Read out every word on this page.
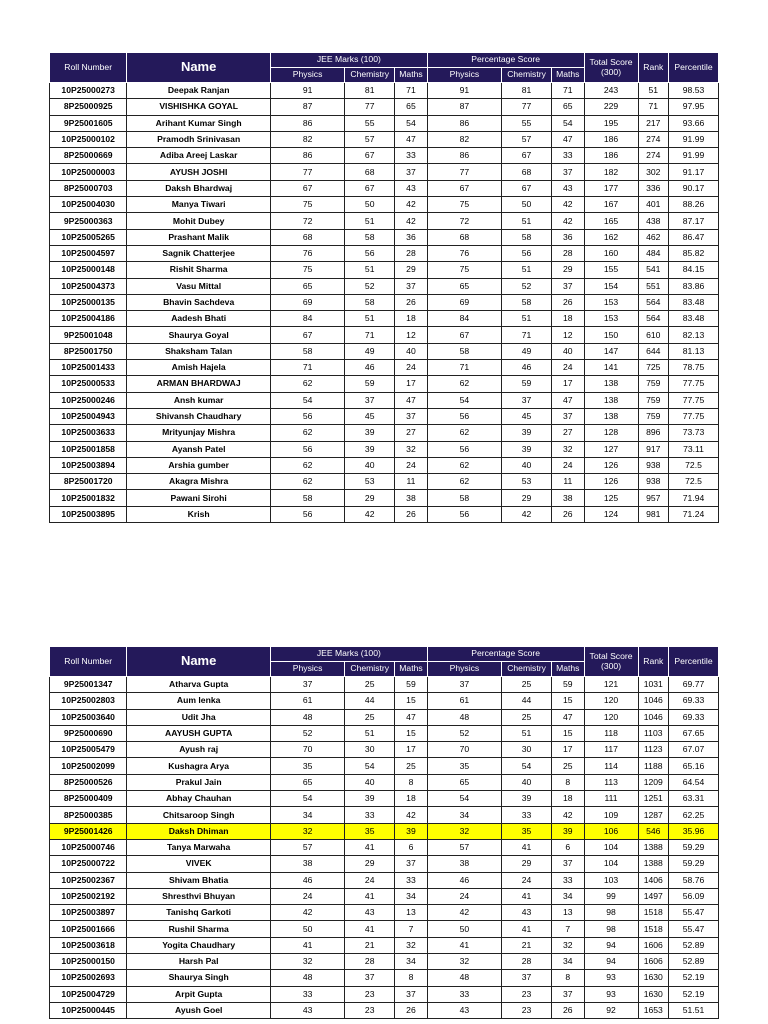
Roll Number	Name	JEE Marks (100)			Percentage Score			Total Score
(300)	Rank	Percentile
		Physics	Chemistry	Maths	Physics	Chemistry	Maths			
10P25000273	Deepak Ranjan	91	81	71	91	81	71	243	51	98.53
8P25000925	VISHISHKA GOYAL	87	77	65	87	77	65	229	71	97.95
9P25001605	Arihant Kumar Singh	86	55	54	86	55	54	195	217	93.66
10P25000102	Pramodh Srinivasan	82	57	47	82	57	47	186	274	91.99
8P25000669	Adiba Areej Laskar	86	67	33	86	67	33	186	274	91.99
10P25000003	AYUSH JOSHI	77	68	37	77	68	37	182	302	91.17
8P25000703	Daksh Bhardwaj	67	67	43	67	67	43	177	336	90.17
10P25004030	Manya Tiwari	75	50	42	75	50	42	167	401	88.26
9P25000363	Mohit Dubey	72	51	42	72	51	42	165	438	87.17
10P25005265	Prashant Malik	68	58	36	68	58	36	162	462	86.47
10P25004597	Sagnik Chatterjee	76	56	28	76	56	28	160	484	85.82
10P25000148	Rishit Sharma	75	51	29	75	51	29	155	541	84.15
10P25004373	Vasu Mittal	65	52	37	65	52	37	154	551	83.86
10P25000135	Bhavin Sachdeva	69	58	26	69	58	26	153	564	83.48
10P25004186	Aadesh Bhati	84	51	18	84	51	18	153	564	83.48
9P25001048	Shaurya Goyal	67	71	12	67	71	12	150	610	82.13
8P25001750	Shaksham Talan	58	49	40	58	49	40	147	644	81.13
10P25001433	Amish Hajela	71	46	24	71	46	24	141	725	78.75
10P25000533	ARMAN BHARDWAJ	62	59	17	62	59	17	138	759	77.75
10P25000246	Ansh kumar	54	37	47	54	37	47	138	759	77.75
10P25004943	Shivansh Chaudhary	56	45	37	56	45	37	138	759	77.75
10P25003633	Mrityunjay Mishra	62	39	27	62	39	27	128	896	73.73
10P25001858	Ayansh Patel	56	39	32	56	39	32	127	917	73.11
10P25003894	Arshia gumber	62	40	24	62	40	24	126	938	72.5
8P25001720	Akagra Mishra	62	53	11	62	53	11	126	938	72.5
10P25001832	Pawani Sirohi	58	29	38	58	29	38	125	957	71.94
10P25003895	Krish	56	42	26	56	42	26	124	981	71.24
Roll Number	Name	JEE Marks (100)			Percentage Score			Total Score
(300)	Rank	Percentile
		Physics	Chemistry	Maths	Physics	Chemistry	Maths			
9P25001347	Atharva Gupta	37	25	59	37	25	59	121	1031	69.77
10P25002803	Aum lenka	61	44	15	61	44	15	120	1046	69.33
10P25003640	Udit Jha	48	25	47	48	25	47	120	1046	69.33
9P25000690	AAYUSH GUPTA	52	51	15	52	51	15	118	1103	67.65
10P25005479	Ayush raj	70	30	17	70	30	17	117	1123	67.07
10P25002099	Kushagra Arya	35	54	25	35	54	25	114	1188	65.16
8P25000526	Prakul Jain	65	40	8	65	40	8	113	1209	64.54
8P25000409	Abhay Chauhan	54	39	18	54	39	18	111	1251	63.31
8P25000385	Chitsaroop Singh	34	33	42	34	33	42	109	1287	62.25
9P25001426	Daksh Dhiman	32	35	39	32	35	39	106	546	35.96
10P25000746	Tanya Marwaha	57	41	6	57	41	6	104	1388	59.29
10P25000722	VIVEK	38	29	37	38	29	37	104	1388	59.29
10P25002367	Shivam Bhatia	46	24	33	46	24	33	103	1406	58.76
10P25002192	Shresthvi Bhuyan	24	41	34	24	41	34	99	1497	56.09
10P25003897	Tanishq Garkoti	42	43	13	42	43	13	98	1518	55.47
10P25001666	Rushil Sharma	50	41	7	50	41	7	98	1518	55.47
10P25003618	Yogita Chaudhary	41	21	32	41	21	32	94	1606	52.89
10P25000150	Harsh Pal	32	28	34	32	28	34	94	1606	52.89
10P25002693	Shaurya Singh	48	37	8	48	37	8	93	1630	52.19
10P25004729	Arpit Gupta	33	23	37	33	23	37	93	1630	52.19
10P25000445	Ayush Goel	43	23	26	43	23	26	92	1653	51.51
